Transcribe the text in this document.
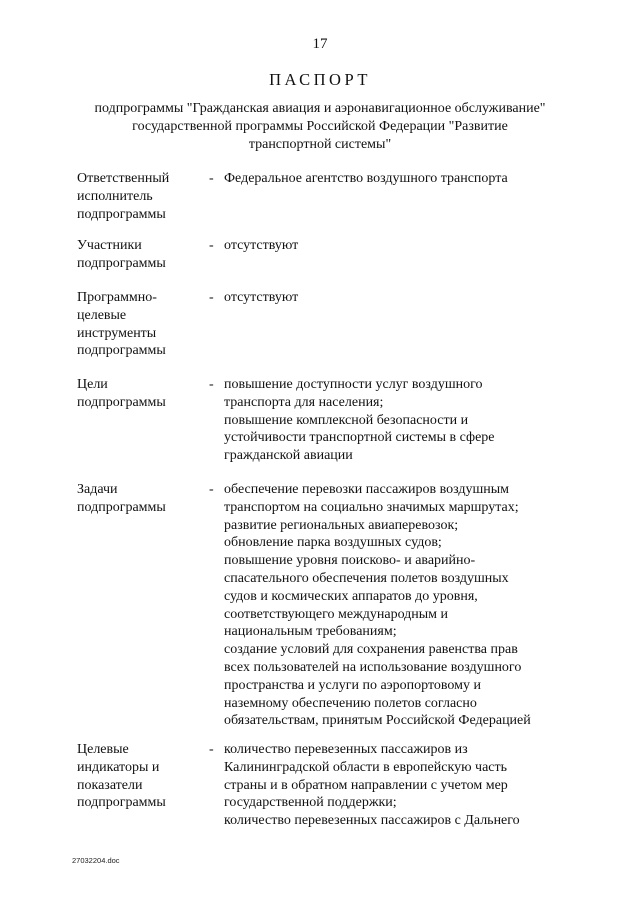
17
ПАСПОРТ
подпрограммы "Гражданская авиация и аэронавигационное обслуживание"
государственной программы Российской Федерации "Развитие
транспортной системы"
Ответственный
исполнитель
подпрограммы
- Федеральное агентство воздушного транспорта
Участники
подпрограммы
- отсутствуют
Программно-
целевые
инструменты
подпрограммы
- отсутствуют
Цели
подпрограммы
- повышение доступности услуг воздушного
транспорта для населения;
повышение комплексной безопасности и
устойчивости транспортной системы в сфере
гражданской авиации
Задачи
подпрограммы
- обеспечение перевозки пассажиров воздушным
транспортом на социально значимых маршрутах;
развитие региональных авиаперевозок;
обновление парка воздушных судов;
повышение уровня поисково- и аварийно-
спасательного обеспечения полетов воздушных
судов и космических аппаратов до уровня,
соответствующего международным и
национальным требованиям;
создание условий для сохранения равенства прав
всех пользователей на использование воздушного
пространства и услуги по аэропортовому и
наземному обеспечению полетов согласно
обязательствам, принятым Российской Федерацией
Целевые
индикаторы и
показатели
подпрограммы
- количество перевезенных пассажиров из
Калининградской области в европейскую часть
страны и в обратном направлении с учетом мер
государственной поддержки;
количество перевезенных пассажиров с Дальнего
27032204.doc
